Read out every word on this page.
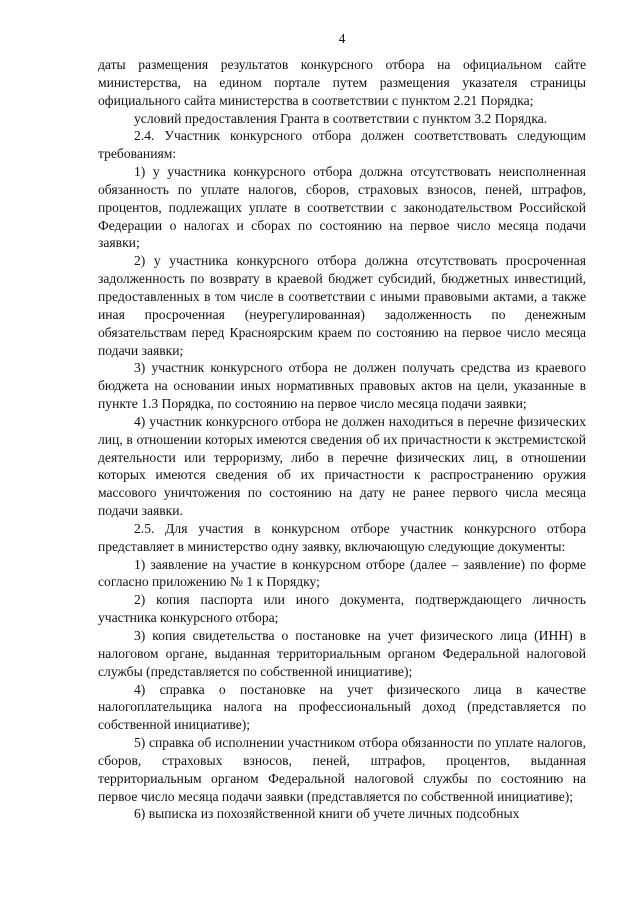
4

даты размещения результатов конкурсного отбора на официальном сайте министерства, на едином портале путем размещения указателя страницы официального сайта министерства в соответствии с пунктом 2.21 Порядка;

условий предоставления Гранта в соответствии с пунктом 3.2 Порядка.

2.4. Участник конкурсного отбора должен соответствовать следующим требованиям:

1) у участника конкурсного отбора должна отсутствовать неисполненная обязанность по уплате налогов, сборов, страховых взносов, пеней, штрафов, процентов, подлежащих уплате в соответствии с законодательством Российской Федерации о налогах и сборах по состоянию на первое число месяца подачи заявки;

2) у участника конкурсного отбора должна отсутствовать просроченная задолженность по возврату в краевой бюджет субсидий, бюджетных инвестиций, предоставленных в том числе в соответствии с иными правовыми актами, а также иная просроченная (неурегулированная) задолженность по денежным обязательствам перед Красноярским краем по состоянию на первое число месяца подачи заявки;

3) участник конкурсного отбора не должен получать средства из краевого бюджета на основании иных нормативных правовых актов на цели, указанные в пункте 1.3 Порядка, по состоянию на первое число месяца подачи заявки;

4) участник конкурсного отбора не должен находиться в перечне физических лиц, в отношении которых имеются сведения об их причастности к экстремистской деятельности или терроризму, либо в перечне физических лиц, в отношении которых имеются сведения об их причастности к распространению оружия массового уничтожения по состоянию на дату не ранее первого числа месяца подачи заявки.

2.5. Для участия в конкурсном отборе участник конкурсного отбора представляет в министерство одну заявку, включающую следующие документы:

1) заявление на участие в конкурсном отборе (далее – заявление) по форме согласно приложению № 1 к Порядку;

2) копия паспорта или иного документа, подтверждающего личность участника конкурсного отбора;

3) копия свидетельства о постановке на учет физического лица (ИНН) в налоговом органе, выданная территориальным органом Федеральной налоговой службы (представляется по собственной инициативе);

4) справка о постановке на учет физического лица в качестве налогоплательщика налога на профессиональный доход (представляется по собственной инициативе);

5) справка об исполнении участником отбора обязанности по уплате налогов, сборов, страховых взносов, пеней, штрафов, процентов, выданная территориальным органом Федеральной налоговой службы по состоянию на первое число месяца подачи заявки (представляется по собственной инициативе);

6) выписка из похозяйственной книги об учете личных подсобных
